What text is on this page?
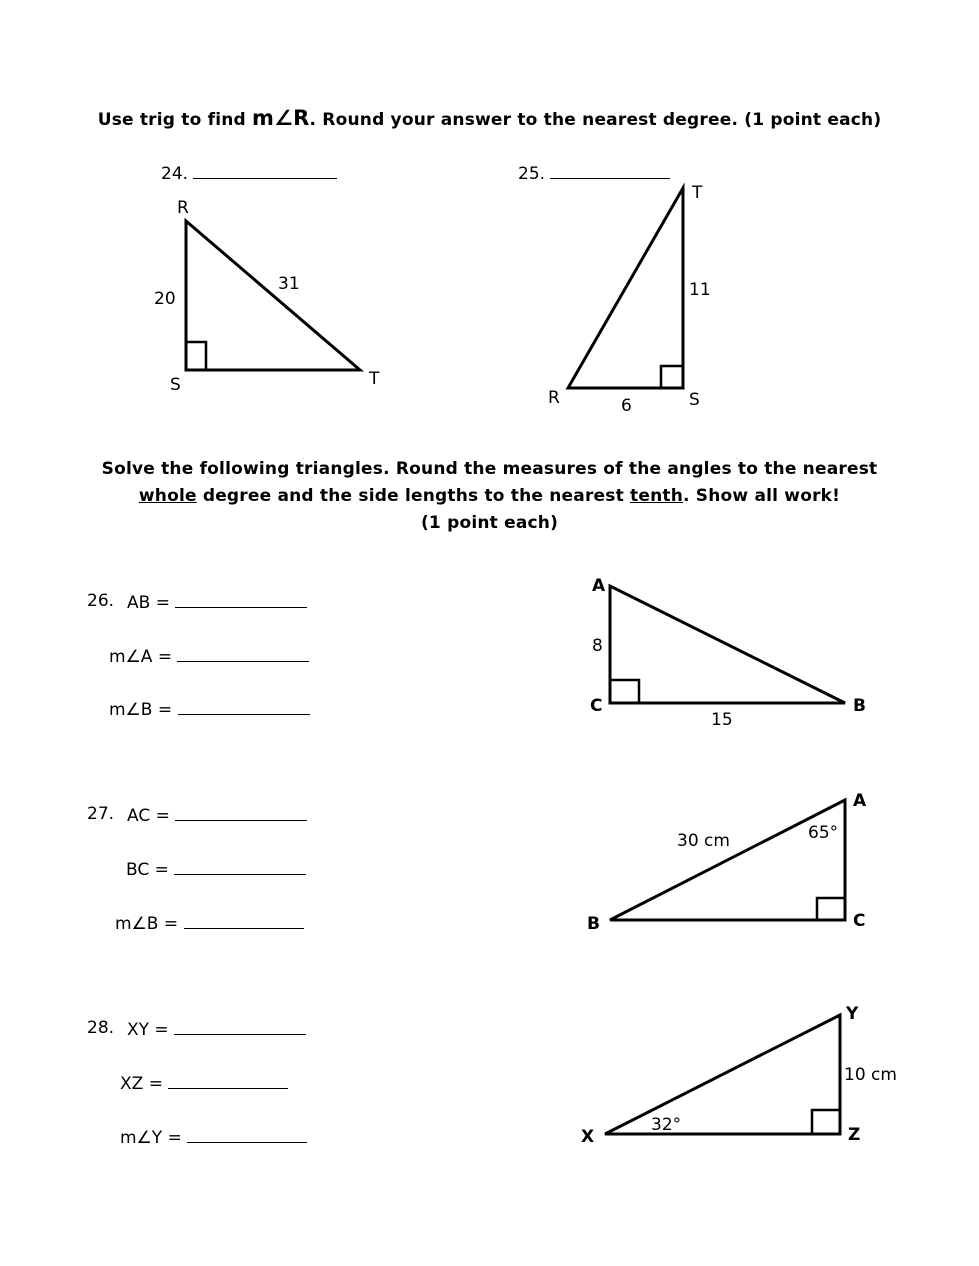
Use trig to find m∠R. Round your answer to the nearest degree. (1 point each)
24.	25.
Solve the following triangles. Round the measures of the angles to the nearest
whole degree and the side lengths to the nearest tenth. Show all work!
(1 point each)
26. AB =
m∠A =
m∠B =
27. AC =
BC =
m∠B =
28. XY =
XZ =
m∠Y =
R
S	T
20
31
T
R	S
11
6
A
C	B
8
15
A
B	C
30 cm	65°
Y
X	Z
10 cm
32°
